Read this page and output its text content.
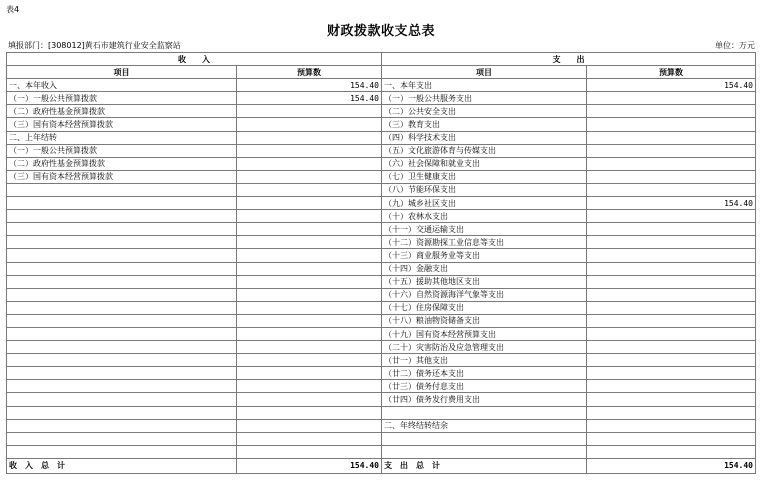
表4
财政拨款收支总表
填报部门：[308012]黄石市建筑行业安全监察站	单位：万元
收　　入		支　　出	
项目	预算数	项目	预算数
一、本年收入	154.40	一、本年支出	154.40
（一）一般公共预算拨款	154.40	（一）一般公共服务支出	
（二）政府性基金预算拨款		（二）公共安全支出	
（三）国有资本经营预算拨款		（三）教育支出	
二、上年结转		（四）科学技术支出	
（一）一般公共预算拨款		（五）文化旅游体育与传媒支出	
（二）政府性基金预算拨款		（六）社会保障和就业支出	
（三）国有资本经营预算拨款		（七）卫生健康支出	
		（八）节能环保支出	
		（九）城乡社区支出	154.40
		（十）农林水支出	
		（十一）交通运输支出	
		（十二）资源勘探工业信息等支出	
		（十三）商业服务业等支出	
		（十四）金融支出	
		（十五）援助其他地区支出	
		（十六）自然资源海洋气象等支出	
		（十七）住房保障支出	
		（十八）粮油物资储备支出	
		（十九）国有资本经营预算支出	
		（二十）灾害防治及应急管理支出	
		（廿一）其他支出	
		（廿二）债务还本支出	
		（廿三）债务付息支出	
		（廿四）债务发行费用支出	

		二、年终结转结余	

收　入　总　计	154.40	支　出　总　计	154.40
